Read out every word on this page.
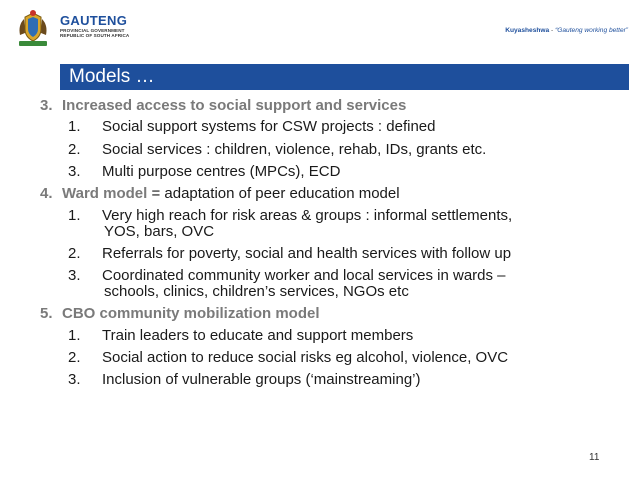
GAUTENG
PROVINCIAL GOVERNMENT
REPUBLIC OF SOUTH AFRICA
Kuyasheshwa - “Gauteng working better”
Models …
3. Increased access to social support and services
1. Social support systems for CSW projects : defined
2. Social services : children, violence, rehab, IDs, grants etc.
3. Multi purpose centres (MPCs), ECD
4. Ward model = adaptation of peer education model
1. Very high reach for risk areas & groups : informal settlements,
YOS, bars, OVC
2. Referrals for poverty, social and health services with follow up
3. Coordinated community worker and local services in wards –
schools, clinics, children’s services, NGOs etc
5. CBO community mobilization model
1. Train leaders to educate and support members
2. Social action to reduce social risks eg alcohol, violence, OVC
3. Inclusion of vulnerable groups (‘mainstreaming’)
11
